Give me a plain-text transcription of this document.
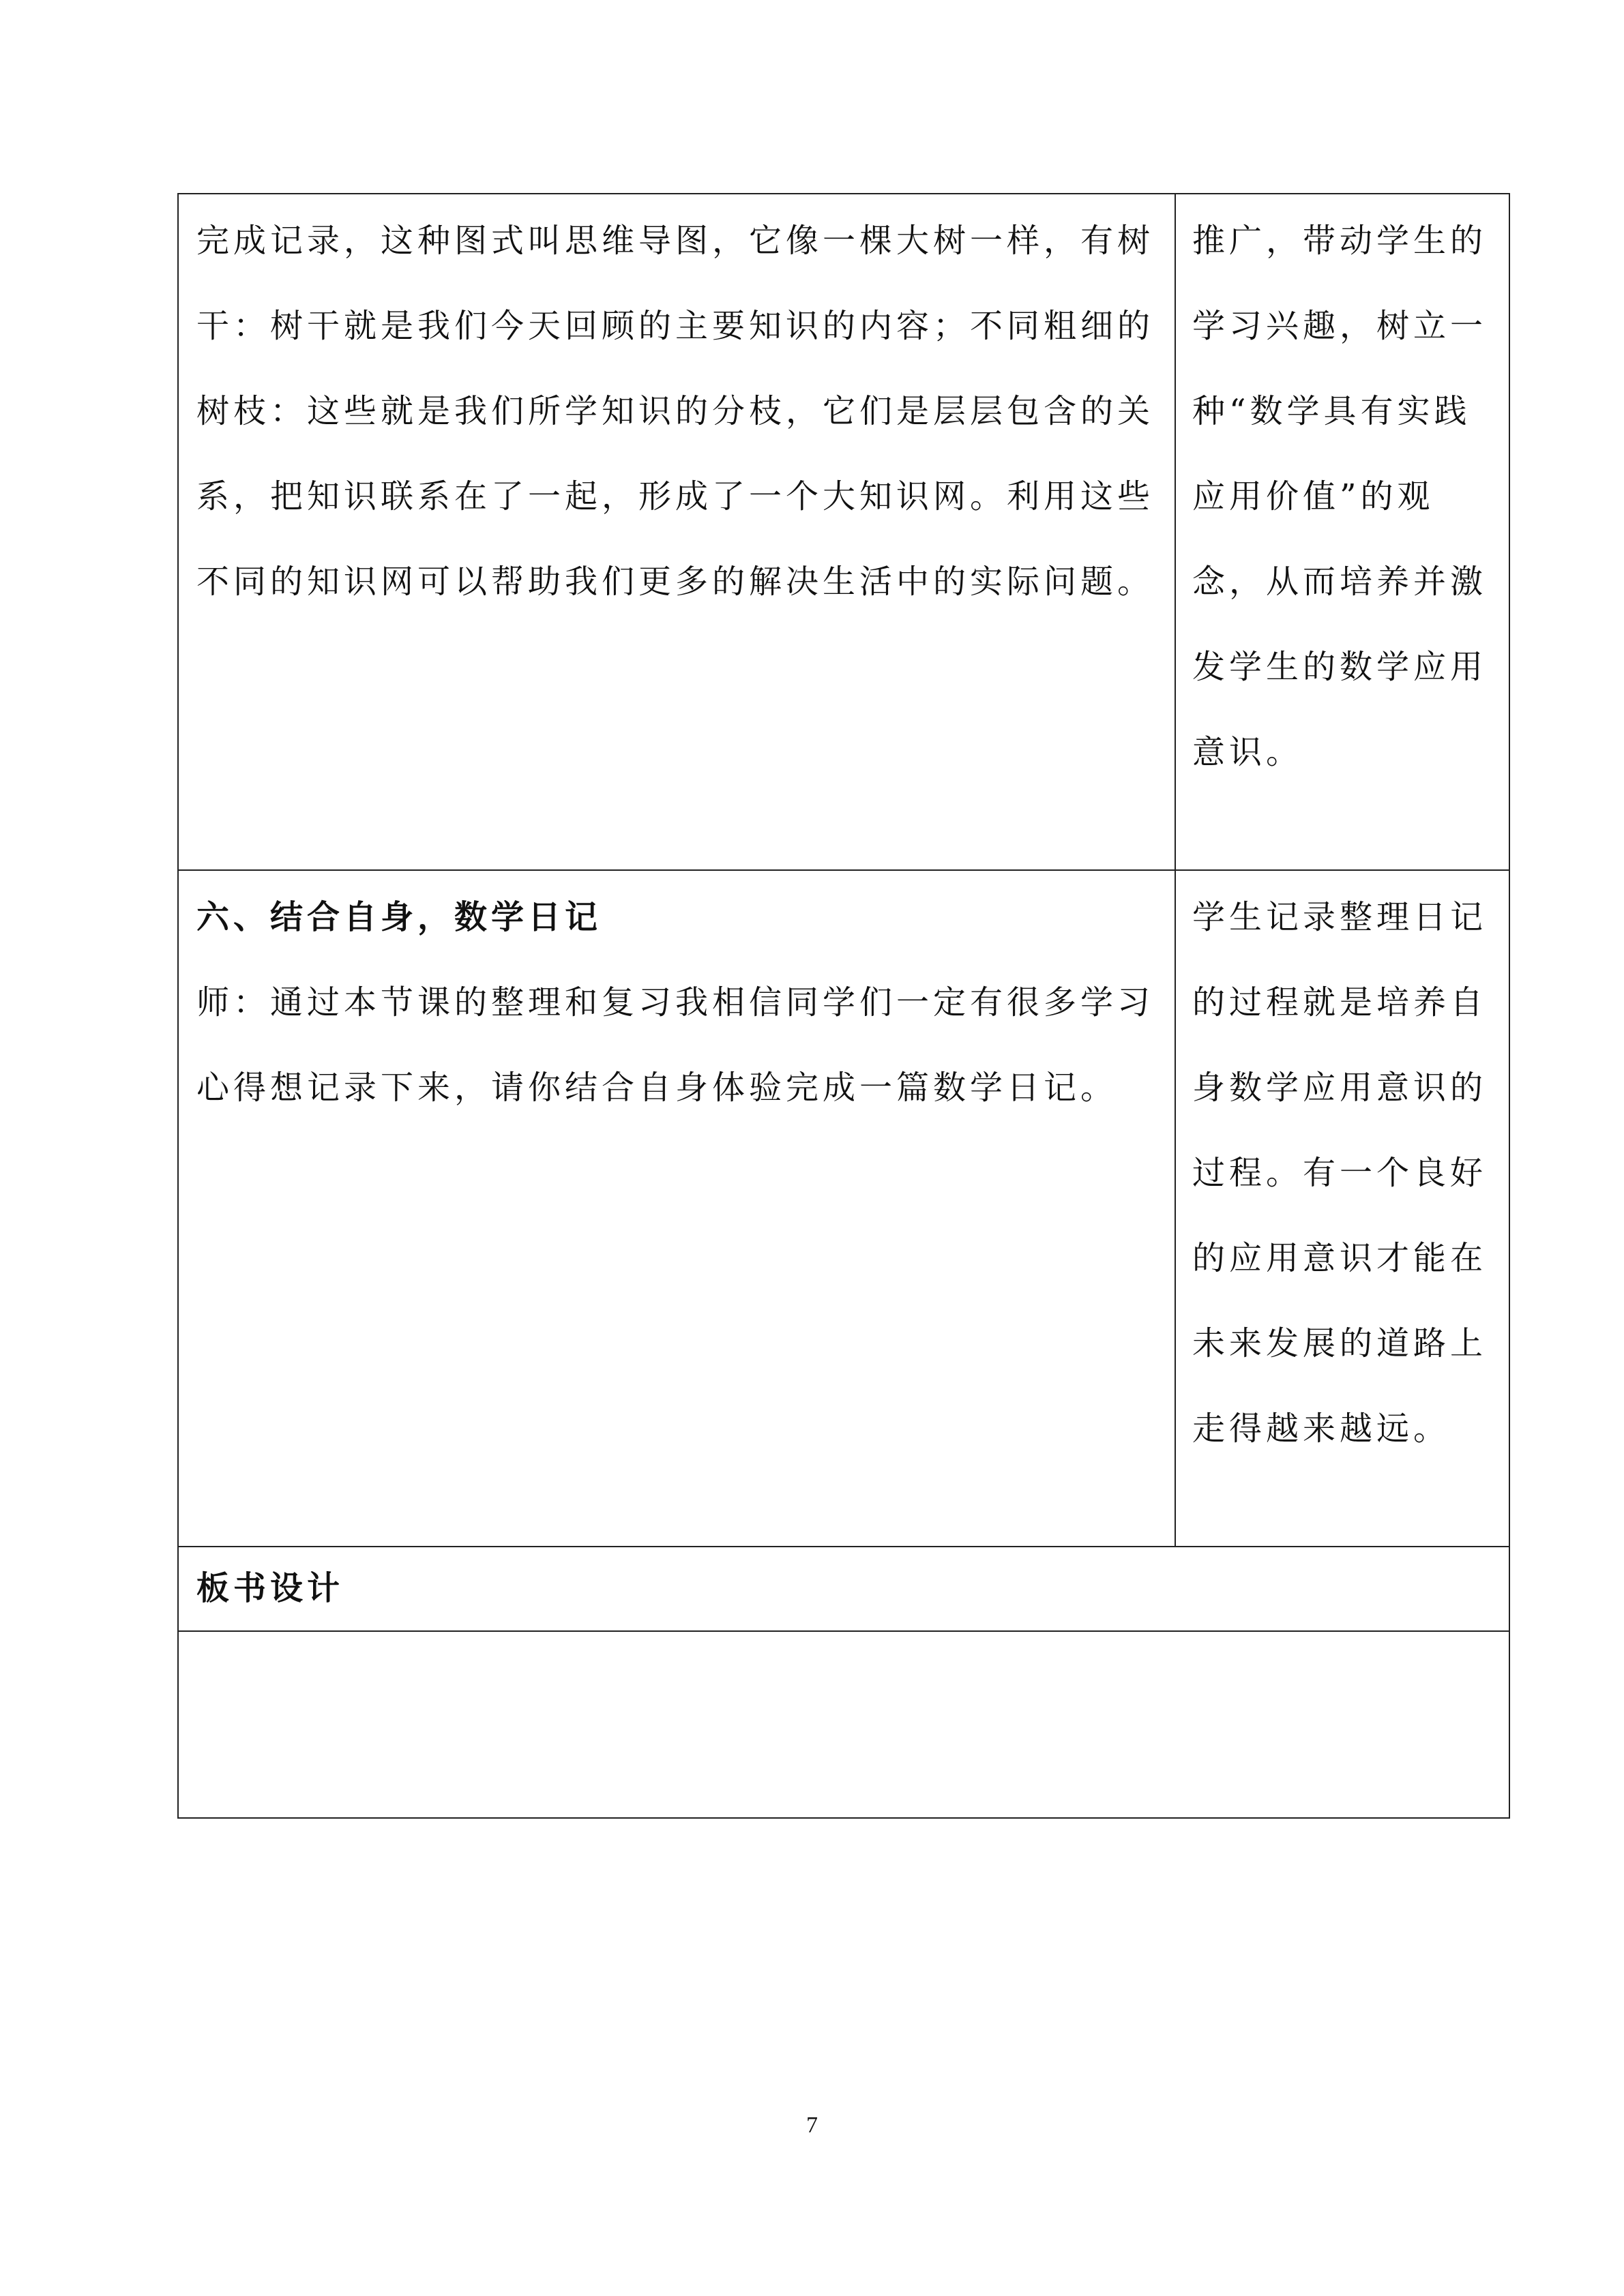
完成记录，这种图式叫思维导图，它像一棵大树一样，有树干：树干就是我们今天回顾的主要知识的内容；不同粗细的树枝：这些就是我们所学知识的分枝，它们是层层包含的关系，把知识联系在了一起，形成了一个大知识网。利用这些不同的知识网可以帮助我们更多的解决生活中的实际问题。	推广，带动学生的学习兴趣，树立一种“数学具有实践应用价值”的观念，从而培养并激发学生的数学应用意识。

六、结合自身，数学日记

师：通过本节课的整理和复习我相信同学们一定有很多学习心得想记录下来，请你结合自身体验完成一篇数学日记。	学生记录整理日记的过程就是培养自身数学应用意识的过程。有一个良好的应用意识才能在未来发展的道路上走得越来越远。

板书设计	

7
